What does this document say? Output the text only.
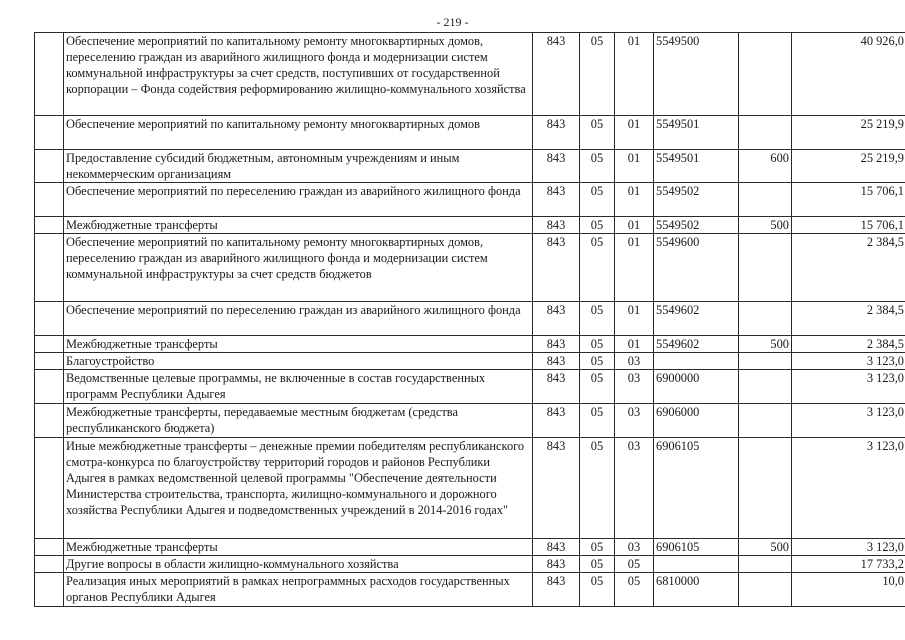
- 219 -
	Обеспечение мероприятий по капитальному ремонту многоквартирных домов, переселению граждан из аварийного жилищного фонда и модернизации систем коммунальной инфраструктуры за счет средств, поступивших от государственной корпорации – Фонда содействия реформированию жилищно-коммунального хозяйства	843	05	01	5549500		40 926,0
	Обеспечение мероприятий по капитальному ремонту многоквартирных домов	843	05	01	5549501		25 219,9
	Предоставление субсидий бюджетным, автономным учреждениям и иным некоммерческим организациям	843	05	01	5549501	600	25 219,9
	Обеспечение мероприятий по переселению граждан из аварийного жилищного фонда	843	05	01	5549502		15 706,1
	Межбюджетные трансферты	843	05	01	5549502	500	15 706,1
	Обеспечение мероприятий по капитальному ремонту многоквартирных домов, переселению граждан из аварийного жилищного фонда и модернизации систем коммунальной инфраструктуры за счет средств бюджетов	843	05	01	5549600		2 384,5
	Обеспечение мероприятий по переселению граждан из аварийного жилищного фонда	843	05	01	5549602		2 384,5
	Межбюджетные трансферты	843	05	01	5549602	500	2 384,5
	Благоустройство	843	05	03			3 123,0
	Ведомственные целевые программы, не включенные в состав государственных программ Республики Адыгея	843	05	03	6900000		3 123,0
	Межбюджетные трансферты, передаваемые местным бюджетам (средства республиканского бюджета)	843	05	03	6906000		3 123,0
	Иные межбюджетные трансферты – денежные премии победителям республиканского смотра-конкурса по благоустройству территорий городов и районов Республики Адыгея в рамках ведомственной целевой программы "Обеспечение деятельности Министерства строительства, транспорта, жилищно-коммунального и дорожного хозяйства Республики Адыгея и подведомственных учреждений в 2014-2016 годах"	843	05	03	6906105		3 123,0
	Межбюджетные трансферты	843	05	03	6906105	500	3 123,0
	Другие вопросы в области жилищно-коммунального хозяйства	843	05	05			17 733,2
	Реализация иных мероприятий в рамках непрограммных расходов государственных органов Республики Адыгея	843	05	05	6810000		10,0
